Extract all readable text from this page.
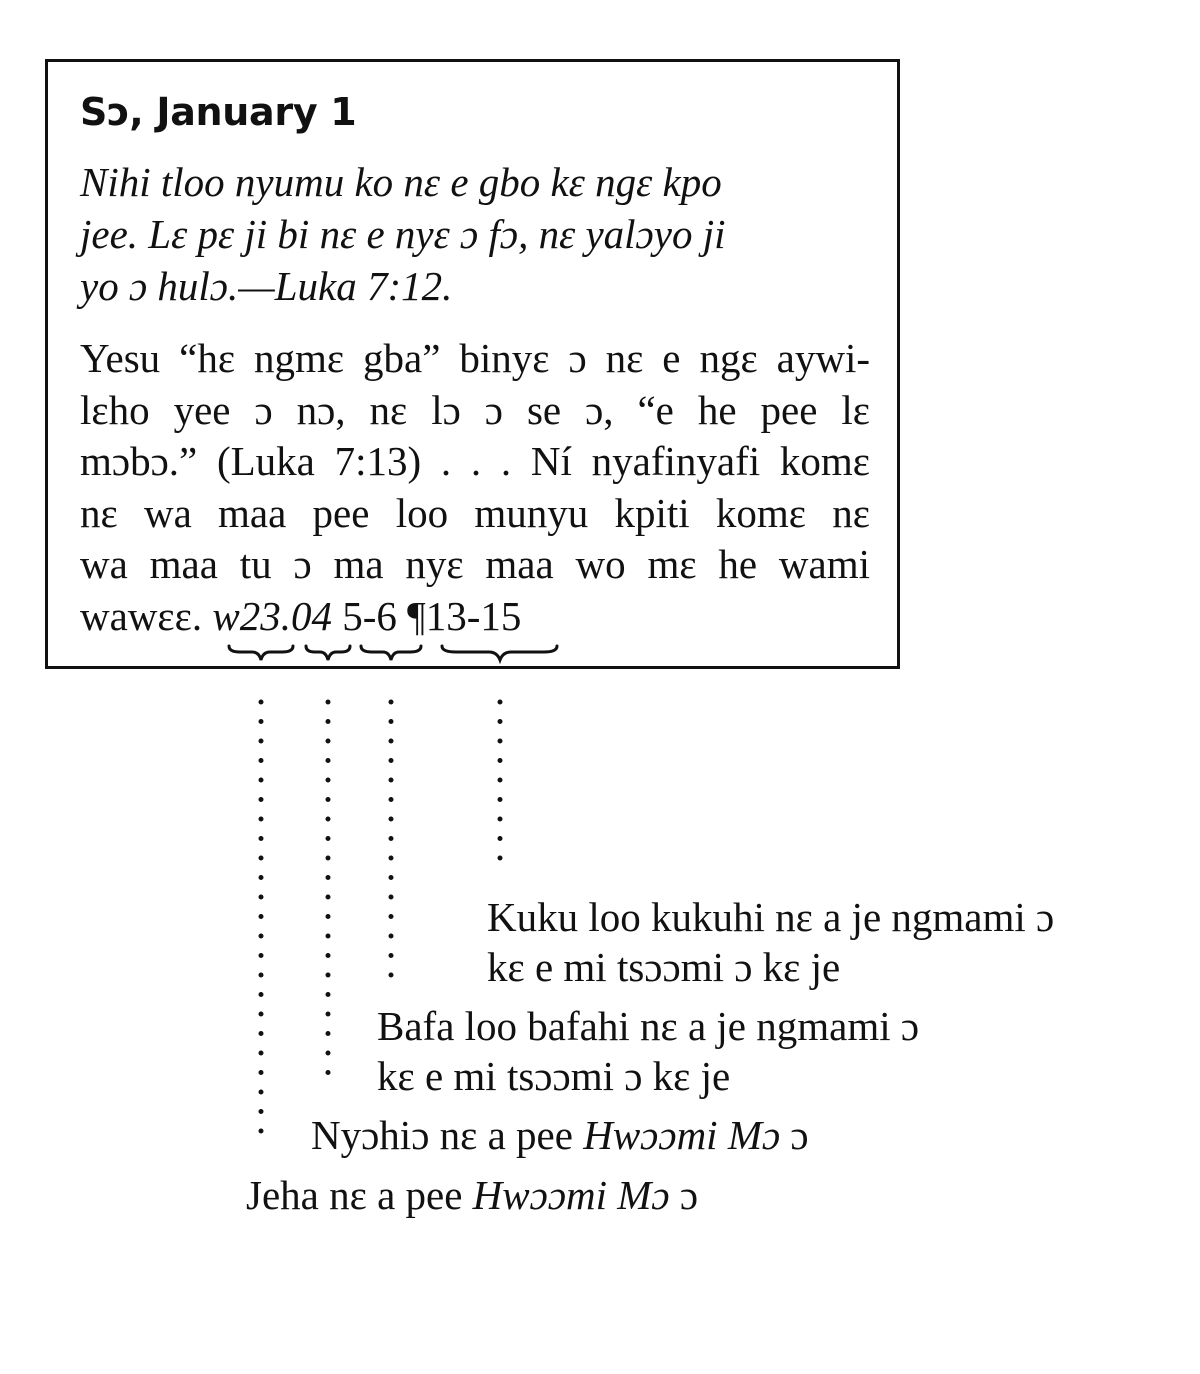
Sɔ, January 1
Nihi tloo nyumu ko nɛ e gbo kɛ ngɛ kpo
jee. Lɛ pɛ ji bi nɛ e nyɛ ɔ fɔ, nɛ yalɔyo ji
yo ɔ hulɔ.—Luka 7:12.
Yesu “hɛ ngmɛ gba” binyɛ ɔ nɛ e ngɛ aywi-
lɛho yee ɔ nɔ, nɛ lɔ ɔ se ɔ, “e he pee lɛ
mɔbɔ.” (Luka 7:13) . . . Ní nyafinyafi komɛ
nɛ wa maa pee loo munyu kpiti komɛ nɛ
wa maa tu ɔ ma nyɛ maa wo mɛ he wami
wawɛɛ. w23.04 5-6 ¶13-15
Kuku loo kukuhi nɛ a je ngmami ɔ
kɛ e mi tsɔɔmi ɔ kɛ je
Bafa loo bafahi nɛ a je ngmami ɔ
kɛ e mi tsɔɔmi ɔ kɛ je
Nyɔhiɔ nɛ a pee Hwɔɔmi Mɔ ɔ
Jeha nɛ a pee Hwɔɔmi Mɔ ɔ
